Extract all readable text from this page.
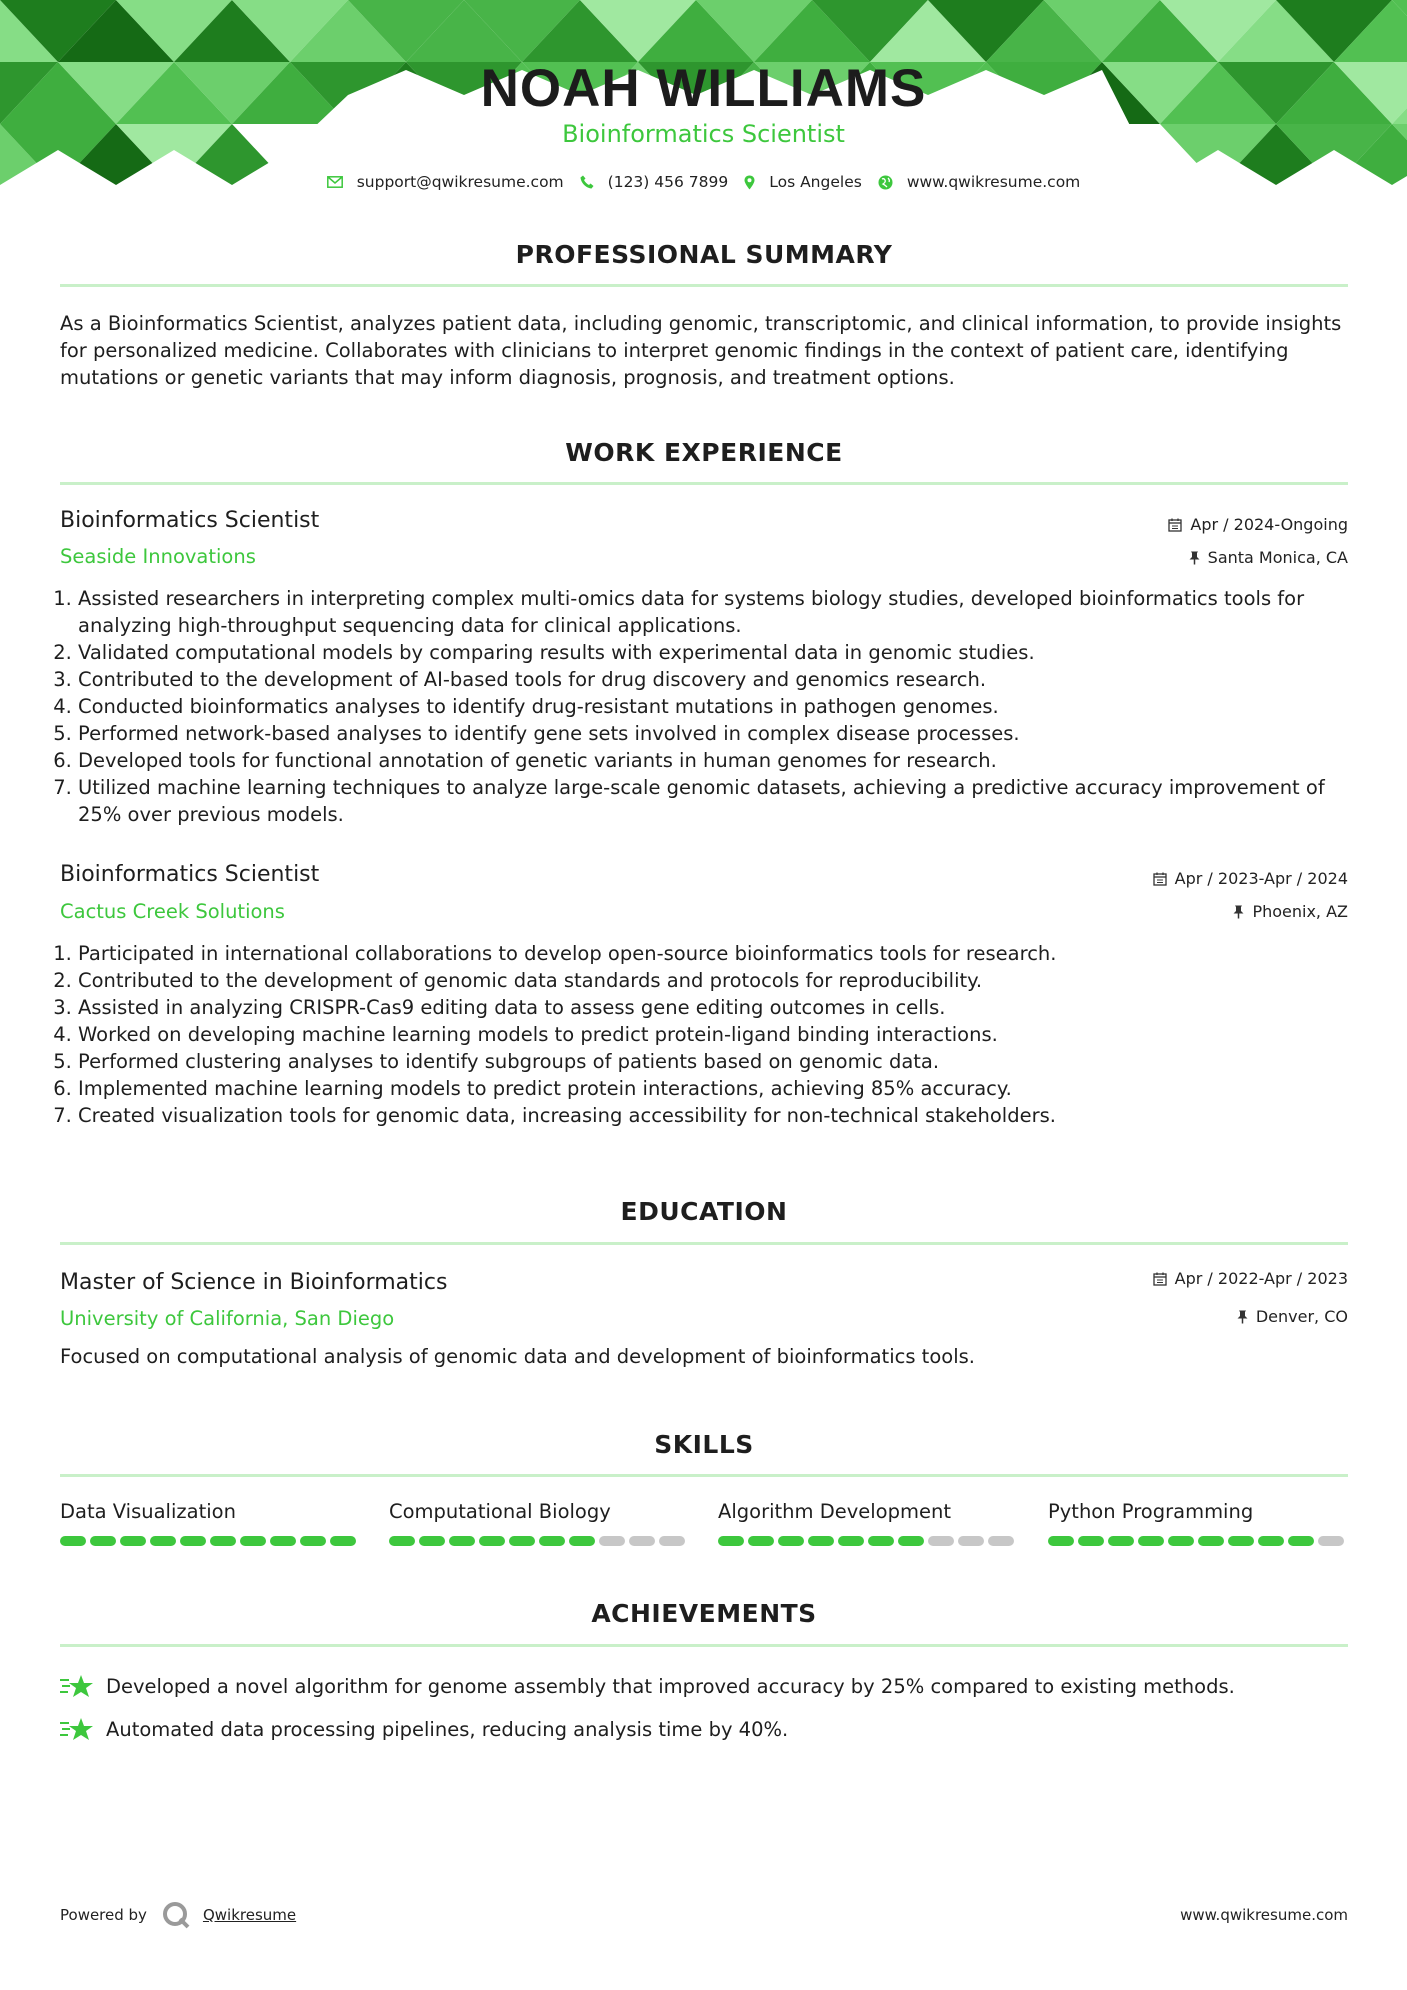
NOAH WILLIAMS
Bioinformatics Scientist
support@qwikresume.com	(123) 456 7899	Los Angeles	www.qwikresume.com
PROFESSIONAL SUMMARY
As a Bioinformatics Scientist, analyzes patient data, including genomic, transcriptomic, and clinical information, to provide insights for personalized medicine. Collaborates with clinicians to interpret genomic findings in the context of patient care, identifying mutations or genetic variants that may inform diagnosis, prognosis, and treatment options.
WORK EXPERIENCE
Bioinformatics Scientist
Seaside Innovations
Apr / 2024-Ongoing
Santa Monica, CA
1. Assisted researchers in interpreting complex multi-omics data for systems biology studies, developed bioinformatics tools for analyzing high-throughput sequencing data for clinical applications.
2. Validated computational models by comparing results with experimental data in genomic studies.
3. Contributed to the development of AI-based tools for drug discovery and genomics research.
4. Conducted bioinformatics analyses to identify drug-resistant mutations in pathogen genomes.
5. Performed network-based analyses to identify gene sets involved in complex disease processes.
6. Developed tools for functional annotation of genetic variants in human genomes for research.
7. Utilized machine learning techniques to analyze large-scale genomic datasets, achieving a predictive accuracy improvement of 25% over previous models.
Bioinformatics Scientist
Cactus Creek Solutions
Apr / 2023-Apr / 2024
Phoenix, AZ
1. Participated in international collaborations to develop open-source bioinformatics tools for research.
2. Contributed to the development of genomic data standards and protocols for reproducibility.
3. Assisted in analyzing CRISPR-Cas9 editing data to assess gene editing outcomes in cells.
4. Worked on developing machine learning models to predict protein-ligand binding interactions.
5. Performed clustering analyses to identify subgroups of patients based on genomic data.
6. Implemented machine learning models to predict protein interactions, achieving 85% accuracy.
7. Created visualization tools for genomic data, increasing accessibility for non-technical stakeholders.
EDUCATION
Master of Science in Bioinformatics
University of California, San Diego
Apr / 2022-Apr / 2023
Denver, CO
Focused on computational analysis of genomic data and development of bioinformatics tools.
SKILLS
Data Visualization	Computational Biology	Algorithm Development	Python Programming
ACHIEVEMENTS
Developed a novel algorithm for genome assembly that improved accuracy by 25% compared to existing methods.
Automated data processing pipelines, reducing analysis time by 40%.
Powered by	Qwikresume	www.qwikresume.com
